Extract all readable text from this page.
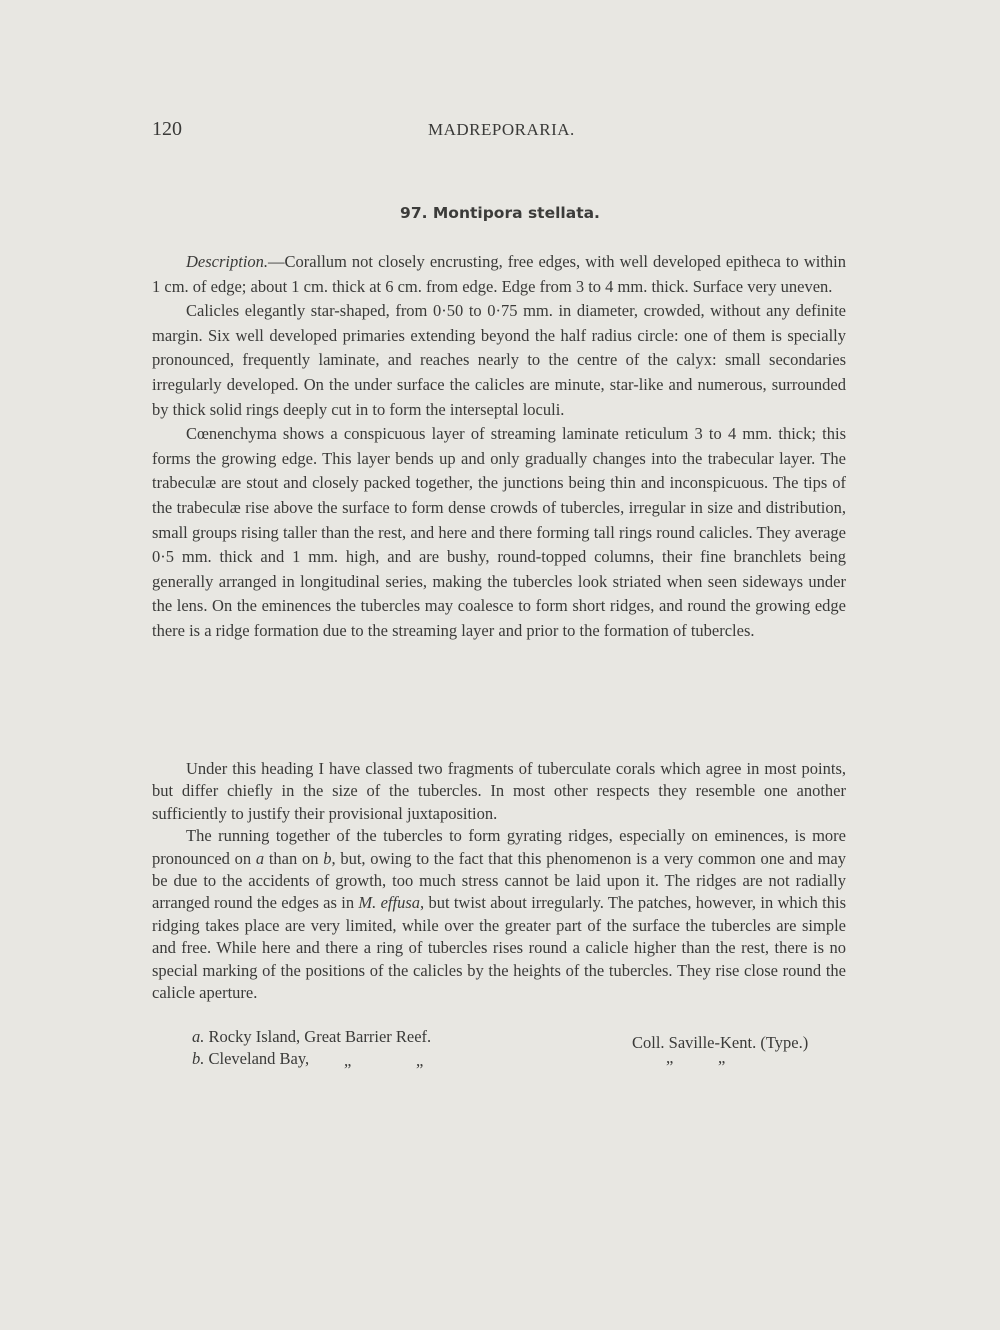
120	MADREPORARIA.
97. Montipora stellata.

Description.—Corallum not closely encrusting, free edges, with well developed epitheca to within 1 cm. of edge; about 1 cm. thick at 6 cm. from edge. Edge from 3 to 4 mm. thick. Surface very uneven.

Calicles elegantly star-shaped, from 0·50 to 0·75 mm. in diameter, crowded, without any definite margin. Six well developed primaries extending beyond the half radius circle: one of them is specially pronounced, frequently laminate, and reaches nearly to the centre of the calyx: small secondaries irregularly developed. On the under surface the calicles are minute, star-like and numerous, surrounded by thick solid rings deeply cut in to form the interseptal loculi.

Cœnenchyma shows a conspicuous layer of streaming laminate reticulum 3 to 4 mm. thick; this forms the growing edge. This layer bends up and only gradually changes into the trabecular layer. The trabeculæ are stout and closely packed together, the junctions being thin and inconspicuous. The tips of the trabeculæ rise above the surface to form dense crowds of tubercles, irregular in size and distribution, small groups rising taller than the rest, and here and there forming tall rings round calicles. They average 0·5 mm. thick and 1 mm. high, and are bushy, round-topped columns, their fine branchlets being generally arranged in longitudinal series, making the tubercles look striated when seen sideways under the lens. On the eminences the tubercles may coalesce to form short ridges, and round the growing edge there is a ridge formation due to the streaming layer and prior to the formation of tubercles.

Under this heading I have classed two fragments of tuberculate corals which agree in most points, but differ chiefly in the size of the tubercles. In most other respects they resemble one another sufficiently to justify their provisional juxtaposition.

The running together of the tubercles to form gyrating ridges, especially on eminences, is more pronounced on a than on b, but, owing to the fact that this phenomenon is a very common one and may be due to the accidents of growth, too much stress cannot be laid upon it. The ridges are not radially arranged round the edges as in M. effusa, but twist about irregularly. The patches, however, in which this ridging takes place are very limited, while over the greater part of the surface the tubercles are simple and free. While here and there a ring of tubercles rises round a calicle higher than the rest, there is no special marking of the positions of the calicles by the heights of the tubercles. They rise close round the calicle aperture.

a. Rocky Island, Great Barrier Reef.	Coll. Saville-Kent. (Type.)
b. Cleveland Bay, „	„	”	”
